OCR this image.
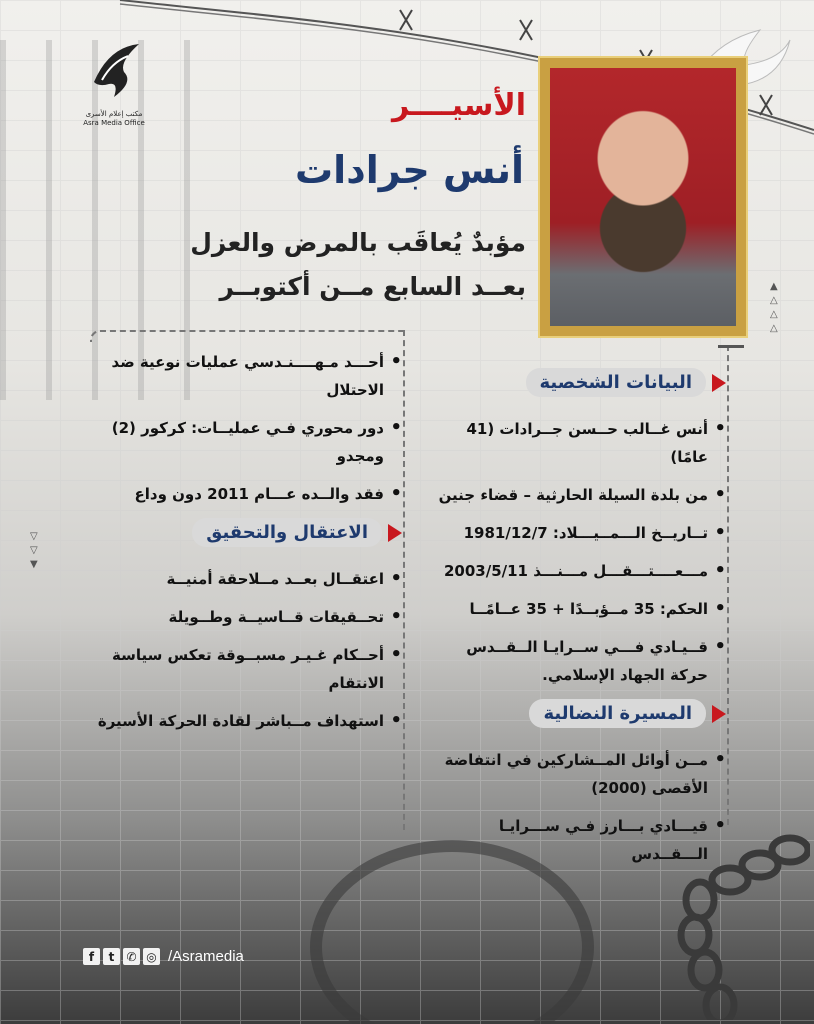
مكتب إعلام الأسرى
Asra Media Office	الأسيــــر
أنس جرادات
مؤبدٌ يُعاقَب بالمرض والعزل
بعــد السابع مــن أكتوبــر	▲
△
△
△
▽
▽
▼
البيانات الشخصية
• أنس غــالب حــسن جــرادات (41 عامًا)
• من بلدة السيلة الحارثية – قضاء جنين
• تــاريــخ الـــمــيـــلاد: 1981/12/7
• مـــعــــتـــقـــل مـــنـــذ 2003/5/11
• الحكم: 35 مــؤبــدًا + 35 عــامًــا
• قــيـادي فـــي ســرايـا الــقــدس حركة الجهاد الإسلامي.
المسيرة النضالية
• مــن أوائل المــشاركين في انتفاضة الأقصى (2000)
• قيـــادي بـــارز فـي ســـرايـا الـــقــدس
• أحـــد مـهــــنـدسي عمليات نوعية ضد الاحتلال
• دور محوري فـي عمليــات: كركور (2) ومجدو
• فقد والــده عـــام 2011 دون وداع
الاعتقال والتحقيق
• اعتقــال بعــد مــلاحقة أمنيــة
• تحــقيقات قــاسيــة وطــويلة
• أحــكام غـيـر مسبــوقة تعكس سياسة الانتقام
• استهداف مــباشر لقادة الحركة الأسيرة
f	t	✆ ◎ /Asramedia
